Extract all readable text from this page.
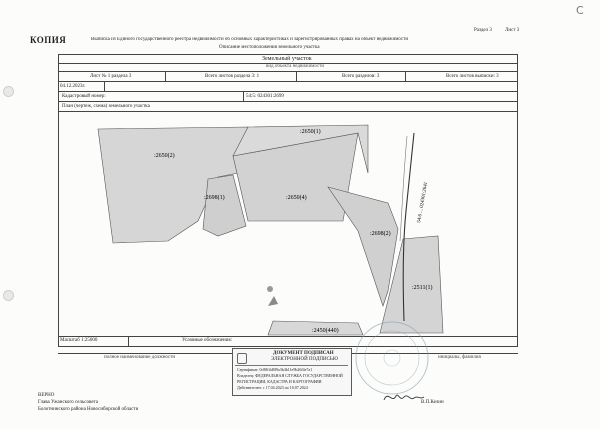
C
Раздел 3	Лист 3
КОПИЯ	Выписка из Единого государственного реестра недвижимости об основных характеристиках и зарегистрированных правах на объект недвижимости
Описание местоположения земельного участка
Земельный участок
вид объекта недвижимости
Лист № 1 раздела 3	Всего листов раздела 3: 1	Всего разделов: 3	Всего листов выписки: 3
04.12.2023г.
Кадастровый номер:	54:5: 024301:2699
План (чертеж, схема) земельного участка
:2650(2)
:2650(1)
:2698(1)	:2650(4)
:2698(2)
:2511(1)
:2450(440)
54:6 ... 024301:2641
Масштаб 1:25000	Условные обозначения:
полное наименование должности	инициалы, фамилия
ДОКУМЕНТ ПОДПИСАН
ЭЛЕКТРОННОЙ ПОДПИСЬЮ
Сертификат: 0c88f4d8f9a3b4b11e9b26f4e7a1
Владелец: ФЕДЕРАЛЬНАЯ СЛУЖБА ГОСУДАРСТВЕННОЙ
РЕГИСТРАЦИИ, КАДАСТРА И КАРТОГРАФИИ
Действителен: с 17.04.2023 по 10.07.2024
В.П.Келин
ВЕРНО
Глава Ужанского сельсовета
Болотнинского района Новосибирской области
